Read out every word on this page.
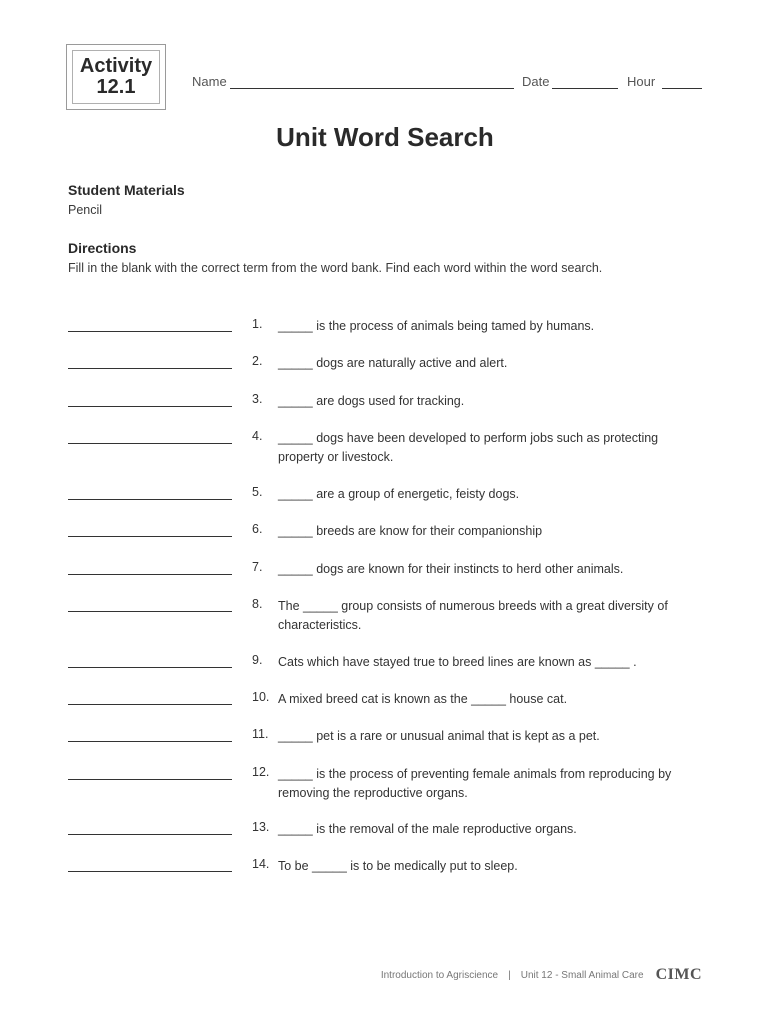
Activity
12.1	Name	Date	Hour
Unit Word Search
Student Materials
Pencil
Directions
Fill in the blank with the correct term from the word bank. Find each word within the word search.
1. _____ is the process of animals being tamed by humans.
2. _____ dogs are naturally active and alert.
3. _____ are dogs used for tracking.
4. _____ dogs have been developed to perform jobs such as protecting property or livestock.
5. _____ are a group of energetic, feisty dogs.
6. _____ breeds are know for their companionship
7. _____ dogs are known for their instincts to herd other animals.
8. The _____ group consists of numerous breeds with a great diversity of characteristics.
9. Cats which have stayed true to breed lines are known as _____ .
10. A mixed breed cat is known as the _____ house cat.
11. _____ pet is a rare or unusual animal that is kept as a pet.
12. _____ is the process of preventing female animals from reproducing by removing the reproductive organs.
13. _____ is the removal of the male reproductive organs.
14. To be _____ is to be medically put to sleep.
Introduction to Agriscience | Unit 12 - Small Animal Care CIMC
